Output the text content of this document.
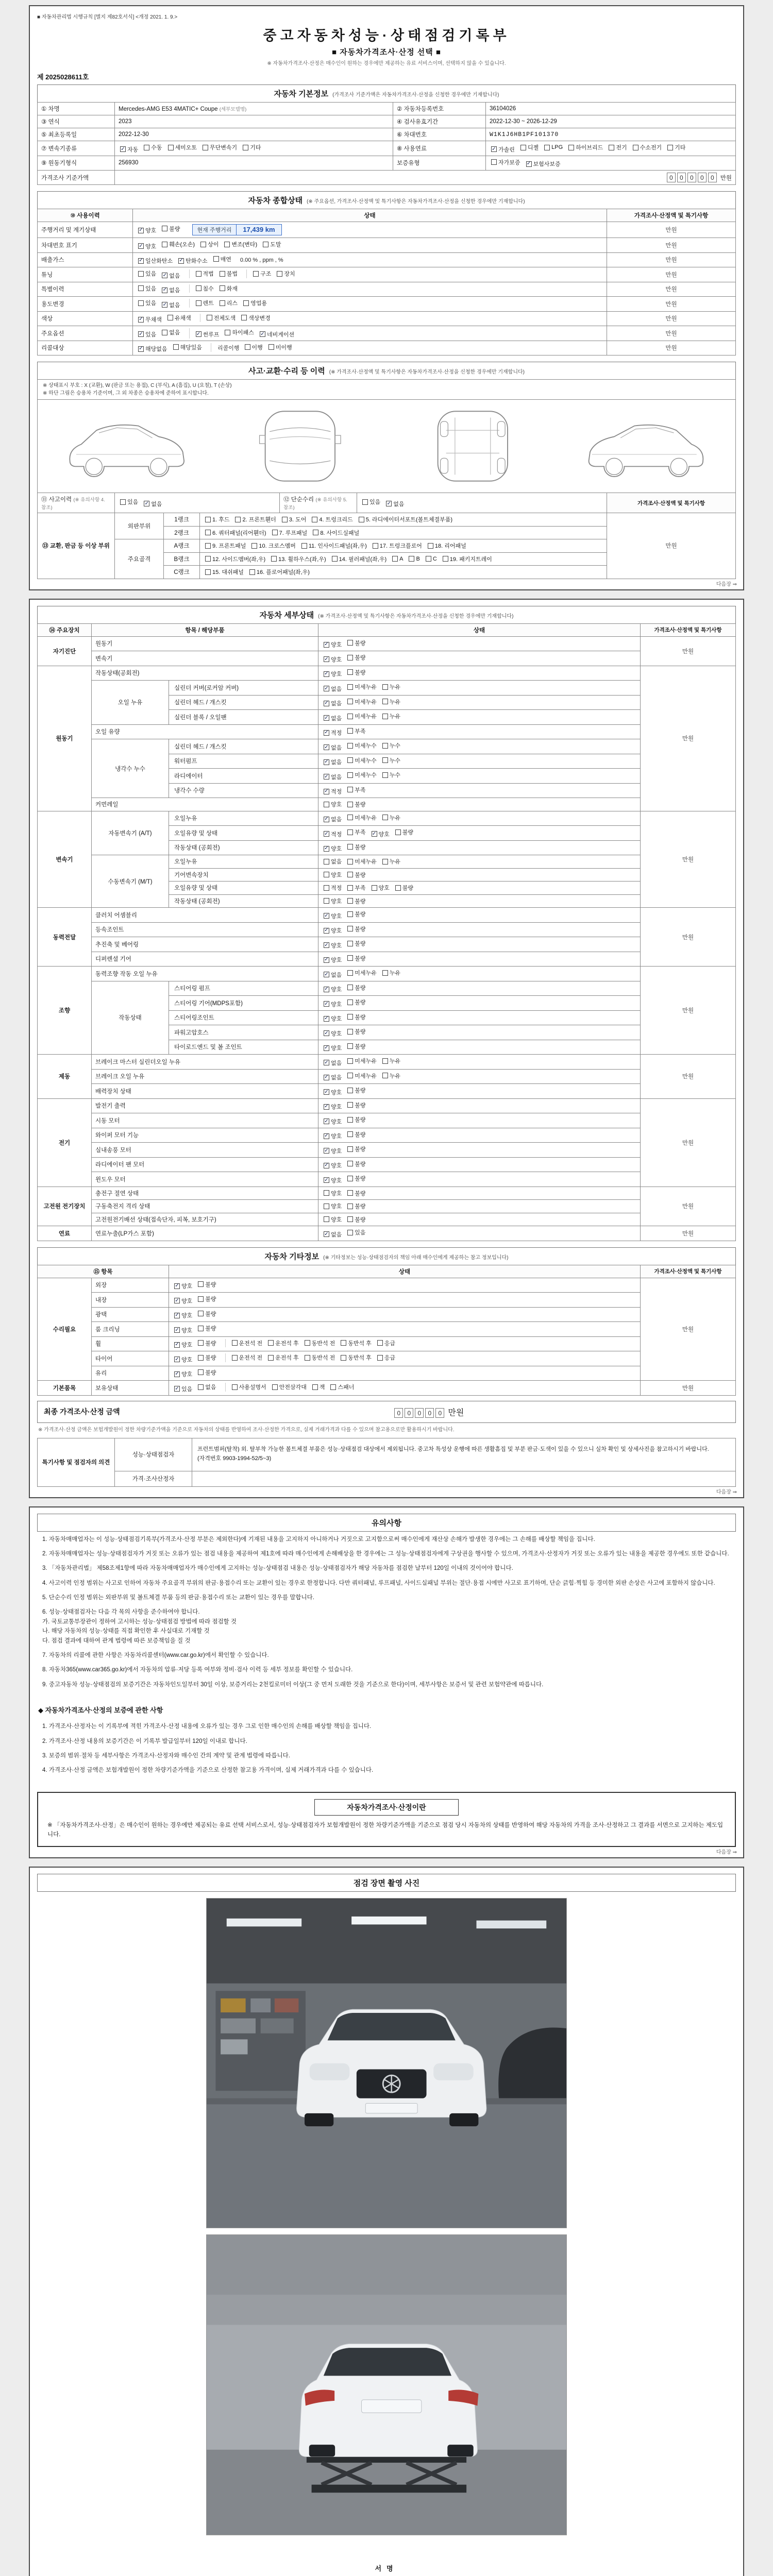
■ 자동차관리법 시행규칙 [별지 제82호서식] <개정 2021. 1. 9.>
중고자동차성능·상태점검기록부
■ 자동차가격조사·산정 선택 ■
※ 자동차가격조사·산정은 매수인이 원하는 경우에만 제공하는 유료 서비스이며, 선택하지 않을 수 있습니다.
제 2025028611호
자동차 기본정보 (가격조사 기준가액은 자동차가격조사·산정을 신청한 경우에만 기재합니다)
① 차명	Mercedes-AMG E53 4MATIC+ Coupe (세부모델명)	② 자동차등록번호	36104026
③ 연식	2023	④ 검사유효기간	2022-12-30 ~ 2026-12-29
⑤ 최초등록일	2022-12-30	⑥ 차대번호	W1K1J6HB1PF101370
⑦ 변속기종류	✓ 자동 수동 세미오토 무단변속기 기타	⑧ 사용연료	✓ 가솔린 디젤 LPG 하이브리드 전기 수소전기 기타

⑨ 원동기형식	256930	보증유형	자가보증 ✓ 보험사보증

가격조사 기준가액	0 0 0 0 0 만원		
자동차 종합상태 (※ 주요옵션, 가격조사·산정액 및 특기사항은 자동차가격조사·산정을 신청한 경우에만 기재합니다)
⑩ 사용이력	상태	가격조사·산정액 및 특기사항
주행거리 및 계기상태	✓ 양호 불량 현재 주행거리 17,439 km	만원
차대번호 표기	✓ 양호 훼손(오손) 상이 변조(변타) 도말	만원
배출가스	✓ 일산화탄소 ✓ 탄화수소 매연 0.00 % , ppm , %	만원
튜닝	있음 ✓ 없음	적법 불법	구조 장치	만원
특별이력	있음 ✓ 없음 침수 화재	만원
용도변경	있음 ✓ 없음	렌트 리스 영업용	만원
색상	✓ 무채색 유채색 전체도색 색상변경	만원
주요옵션	✓ 있음 없음	✓ 썬루프 하이패스 ✓ 네비게이션	만원
리콜대상	✓ 해당없음 해당있음	리콜이행 이행 미이행	만원
사고·교환·수리 등 이력 (※ 가격조사·산정액 및 특기사항은 자동차가격조사·산정을 신청한 경우에만 기재합니다)
※ 상태표시 부호 : X (교환), W (판금 또는 용접), C (부식), A (흠집), U (요철), T (손상)
※ 하단 그림은 승용차 기준이며, 그 외 차종은 승용차에 준하여 표시합니다.
⑪ 사고이력 (※ 유의사항 4. 참조)	
있음 ✓ 없음
	⑫ 단순수리 (※ 유의사항 5. 참조)	
있음 ✓ 없음	가격조사·산정액 및 특기사항
⑬ 교환, 판금 등 이상 부위	외판부위	1랭크	1. 후드 2. 프론트휀더 3. 도어 4. 트렁크리드 5. 라디에이터서포트(볼트체결부품)	만원
		2랭크	6. 쿼터패널(리어휀더) 7. 루프패널 8. 사이드실패널	

	주요골격	A랭크	9. 프론트패널 10. 크로스멤버 11. 인사이드패널(좌,우) 17. 트렁크플로어 18. 리어패널	

B랭크	12. 사이드멤버(좌,우) 13. 휠하우스(좌,우) 14. 필러패널(좌,우) A B C 19. 패키지트레이

		C랭크	15. 대쉬패널 16. 플로어패널(좌,우)	
다음장 ⇒
자동차 세부상태 (※ 가격조사·산정액 및 특기사항은 자동차가격조사·산정을 신청한 경우에만 기재합니다)
⑭ 주요장치	항목 / 해당부품		상태	가격조사·산정액 및 특기사항
자기진단	원동기		✓ 양호 불량	만원
	변속기		✓ 양호 불량	

원동기	작동상태(공회전)		✓ 양호 불량	만원
	오일 누유	실린더 커버(로커암 커버)	✓ 없음 미세누유 누유	

		실린더 헤드 / 개스킷	✓ 없음 미세누유 누유	

		실린더 블록 / 오일팬	✓ 없음 미세누유 누유	

	오일 유량		✓ 적정 부족	

	냉각수 누수	실린더 헤드 / 개스킷	✓ 없음 미세누수 누수	

		워터펌프	✓ 없음 미세누수 누수	

		라디에이터	✓ 없음 미세누수 누수	

		냉각수 수량	✓ 적정 부족	

	커먼레일		양호 불량	

변속기	자동변속기 (A/T)	오일누유	✓ 없음 미세누유 누유	만원
오일유량 및 상태	✓ 적정 부족 ✓ 양호 불량

		작동상태 (공회전)	✓ 양호 불량	

	수동변속기 (M/T)	오일누유	없음 미세누유 누유	

		기어변속장치	양호 불량	

		오일유량 및 상태	적정 부족 양호 불량	

		작동상태 (공회전)	양호 불량	

동력전달	클러치 어셈블리		✓ 양호 불량	만원
	등속조인트		✓ 양호 불량	

	추진축 및 베어링		✓ 양호 불량	

	디퍼렌셜 기어		✓ 양호 불량	

조향	동력조향 작동 오일 누유		✓ 없음 미세누유 누유	만원
	작동상태	스티어링 펌프	✓ 양호 불량	

		스티어링 기어(MDPS포함)	✓ 양호 불량	

		스티어링조인트	✓ 양호 불량	

		파워고압호스	✓ 양호 불량	

		타이로드엔드 및 볼 조인트	✓ 양호 불량	

제동	브레이크 마스터 실린더오일 누유		✓ 없음 미세누유 누유	만원
	브레이크 오일 누유		✓ 없음 미세누유 누유	

	배력장치 상태		✓ 양호 불량	

전기	발전기 출력		✓ 양호 불량	만원
	시동 모터		✓ 양호 불량	

	와이퍼 모터 기능		✓ 양호 불량	

	실내송풍 모터		✓ 양호 불량	

	라디에이터 팬 모터		✓ 양호 불량	

	윈도우 모터		✓ 양호 불량	

고전원 전기장치	충전구 절연 상태		양호 불량	만원
	구동축전지 격리 상태		양호 불량	

	고전원전기배선 상태(접속단자, 피복, 보호기구)		양호 불량	

연료	연료누출(LP가스 포함)		✓ 없음 있음	만원
자동차 기타정보 (※ 기타정보는 성능·상태점검자의 책임 아래 매수인에게 제공하는 참고 정보입니다)
⑮ 항목		상태	가격조사·산정액 및 특기사항
수리필요	외장	✓ 양호 불량	만원
	내장	✓ 양호 불량	

	광택	✓ 양호 불량	

	룸 크리닝	✓ 양호 불량	

휠	✓ 양호 불량	운전석 전 운전석 후 동반석 전 동반석 후 응급

타이어	✓ 양호 불량	운전석 전 운전석 후 동반석 전 동반석 후 응급

	유리	✓ 양호 불량	

기본품목	보유상태	✓ 있음 없음	사용설명서 안전삼각대 잭 스패너	만원
최종 가격조사·산정 금액	0 0 0 0 0 만원
※ 가격조사·산정 금액은 보험개발원이 정한 차량기준가액을 기준으로 자동차의 상태를 반영하여 조사·산정한 가격으로, 실제 거래가격과 다를 수 있으며 참고용으로만 활용하시기 바랍니다.
특기사항 및 점검자의 의견	성능·상태점검자	프런트범퍼(탈착) 외. 탈부착 가능한 볼트체결 부품은 성능·상태점검 대상에서 제외됩니다. 중고차 특성상 운행에 따른 생활흠집 및 부분 판금·도색이 있을 수 있으니 실차 확인 및 상세사진을 참고하시기 바랍니다. (자격번호 9903-1994-52/5~3)
	가격·조사산정자	
다음장 ⇒
유의사항
1. 자동차매매업자는 이 성능·상태점검기록부(가격조사·산정 부분은 제외한다)에 기재된 내용을 고지하지 아니하거나 거짓으로 고지함으로써 매수인에게 재산상 손해가 발생한 경우에는 그 손해를 배상할 책임을 집니다.
2. 자동차매매업자는 성능·상태점검자가 거짓 또는 오류가 있는 점검 내용을 제공하여 제1호에 따라 매수인에게 손해배상을 한 경우에는 그 성능·상태점검자에게 구상권을 행사할 수 있으며, 가격조사·산정자가 거짓 또는 오류가 있는 내용을 제공한 경우에도 또한 같습니다.
3. 「자동차관리법」 제58조제1항에 따라 자동차매매업자가 매수인에게 고지하는 성능·상태점검 내용은 성능·상태점검자가 해당 자동차를 점검한 날부터 120일 이내의 것이어야 합니다.
4. 사고이력 인정 범위는 사고로 인하여 자동차 주요골격 부위의 판금·용접수리 또는 교환이 있는 경우로 한정합니다. 다만 쿼터패널, 루프패널, 사이드실패널 부위는 절단·용접 시에만 사고로 표기하며, 단순 긁힘·찍힘 등 경미한 외판 손상은 사고에 포함하지 않습니다.
5. 단순수리 인정 범위는 외판부위 및 볼트체결 부품 등의 판금·용접수리 또는 교환이 있는 경우를 말합니다.
6. 성능·상태점검자는 다음 각 목의 사항을 준수하여야 합니다.
가. 국토교통부장관이 정하여 고시하는 성능·상태점검 방법에 따라 점검할 것
나. 해당 자동차의 성능·상태를 직접 확인한 후 사실대로 기재할 것
다. 점검 결과에 대하여 관계 법령에 따른 보증책임을 질 것
7. 자동차의 리콜에 관한 사항은 자동차리콜센터(www.car.go.kr)에서 확인할 수 있습니다.
8. 자동차365(www.car365.go.kr)에서 자동차의 압류·저당 등록 여부와 정비·검사 이력 등 세부 정보를 확인할 수 있습니다.
9. 중고자동차 성능·상태점검의 보증기간은 자동차인도일부터 30일 이상, 보증거리는 2천킬로미터 이상(그 중 먼저 도래한 것을 기준으로 한다)이며, 세부사항은 보증서 및 관련 보험약관에 따릅니다.
◆ 자동차가격조사·산정의 보증에 관한 사항
1. 가격조사·산정자는 이 기록부에 적힌 가격조사·산정 내용에 오류가 있는 경우 그로 인한 매수인의 손해를 배상할 책임을 집니다.
2. 가격조사·산정 내용의 보증기간은 이 기록부 발급일부터 120일 이내로 합니다.
3. 보증의 범위·절차 등 세부사항은 가격조사·산정자와 매수인 간의 계약 및 관계 법령에 따릅니다.
4. 가격조사·산정 금액은 보험개발원이 정한 차량기준가액을 기준으로 산정한 참고용 가격이며, 실제 거래가격과 다를 수 있습니다.
자동차가격조사·산정이란
※ 「자동차가격조사·산정」은 매수인이 원하는 경우에만 제공되는 유료 선택 서비스로서, 성능·상태점검자가 보험개발원이 정한 차량기준가액을 기준으로 점검 당시 자동차의 상태를 반영하여 해당 자동차의 가격을 조사·산정하고 그 결과를 서면으로 고지하는 제도입니다.
다음장 ⇒
점검 장면 촬영 사진
서명
